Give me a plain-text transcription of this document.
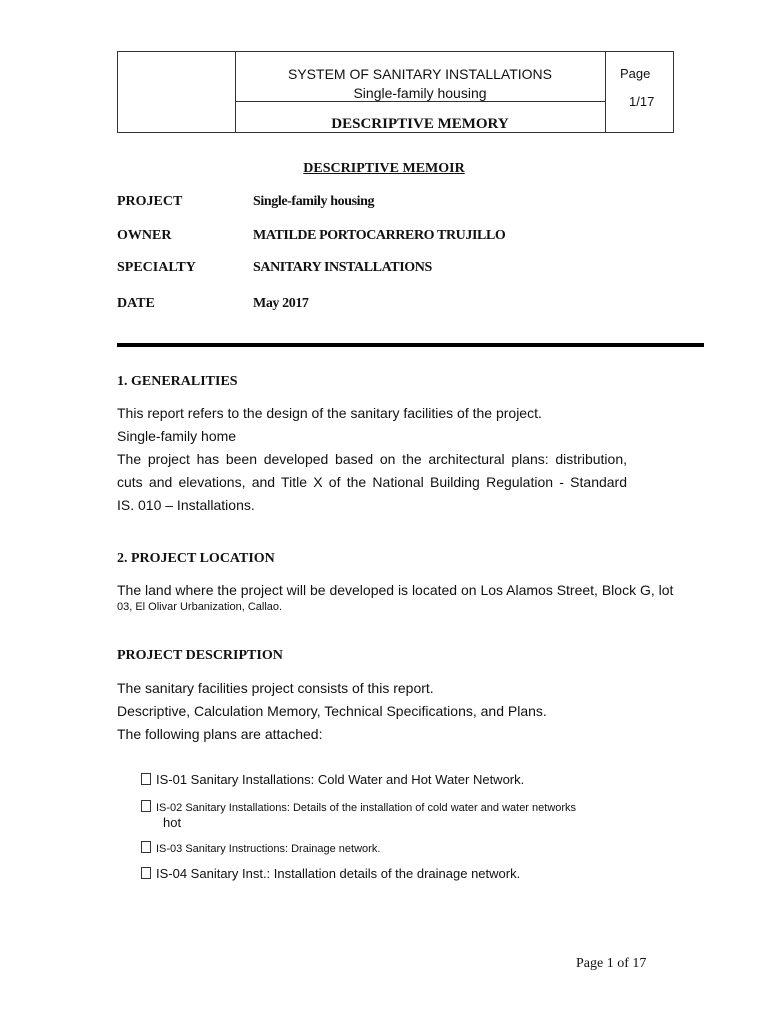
SYSTEM OF SANITARY INSTALLATIONS
Single-family housing
DESCRIPTIVE MEMORY
Page
1/17
DESCRIPTIVE MEMOIR
PROJECT	Single-family housing
OWNER	MATILDE PORTOCARRERO TRUJILLO
SPECIALTY	SANITARY INSTALLATIONS
DATE	May 2017
1. GENERALITIES
This report refers to the design of the sanitary facilities of the project.
Single-family home
The project has been developed based on the architectural plans: distribution,
cuts and elevations, and Title X of the National Building Regulation - Standard
IS. 010 – Installations.
2. PROJECT LOCATION
The land where the project will be developed is located on Los Alamos Street, Block G, lot
03, El Olivar Urbanization, Callao.
PROJECT DESCRIPTION
The sanitary facilities project consists of this report.
Descriptive, Calculation Memory, Technical Specifications, and Plans.
The following plans are attached:
IS-01 Sanitary Installations: Cold Water and Hot Water Network.
IS-02 Sanitary Installations: Details of the installation of cold water and water networks
hot
IS-03 Sanitary Instructions: Drainage network.
IS-04 Sanitary Inst.: Installation details of the drainage network.
Page 1 of 17
